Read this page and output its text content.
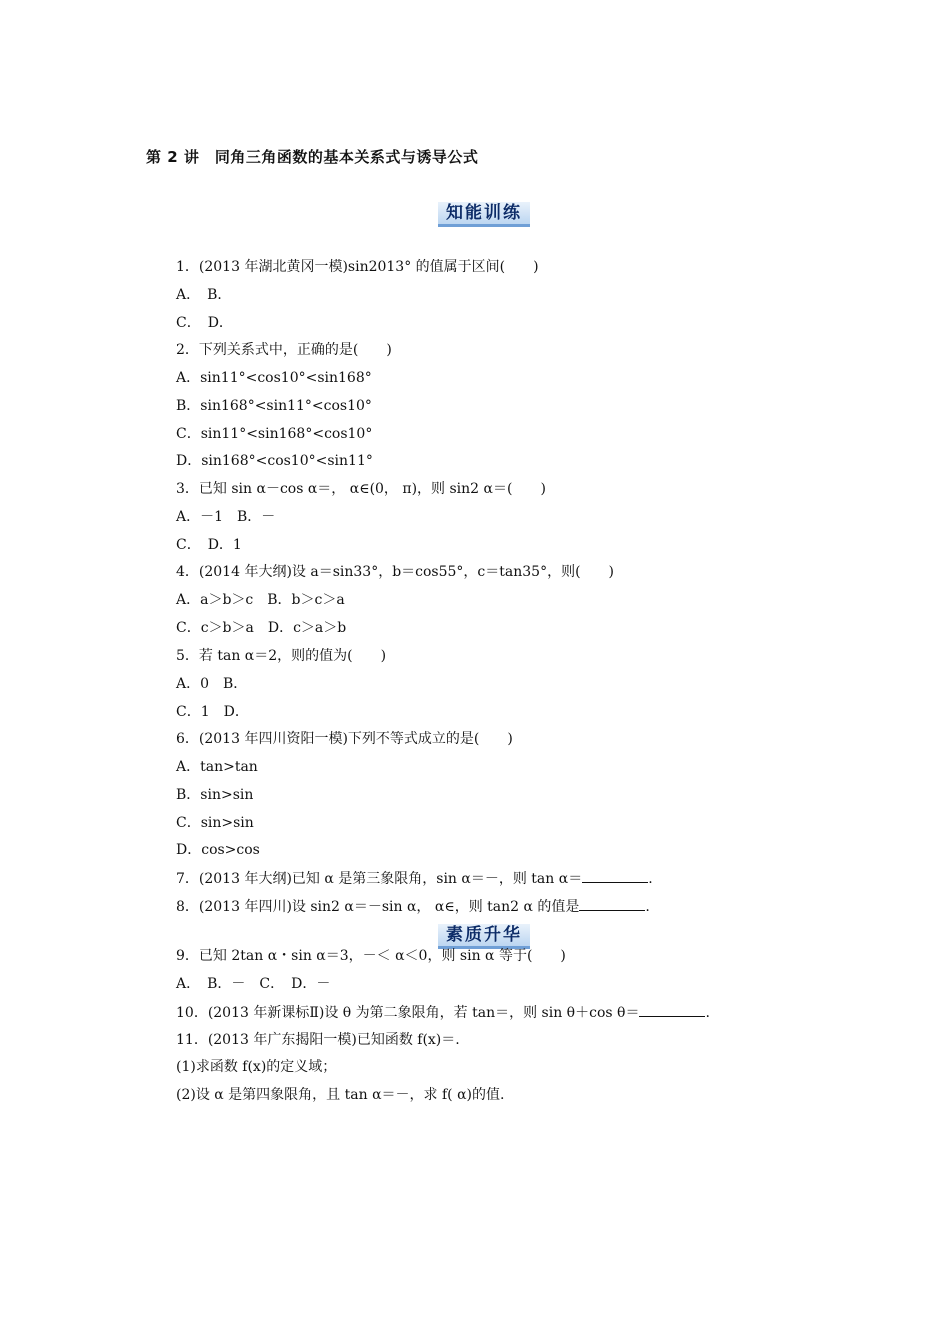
第 2 讲　同角三角函数的基本关系式与诱导公式
知能训练
1．(2013 年湖北黄冈一模)sin2013° 的值属于区间(　　)
A．　B．
C．　D．
2．下列关系式中，正确的是(　　)
A．sin11°<cos10°<sin168°
B．sin168°<sin11°<cos10°
C．sin11°<sin168°<cos10°
D．sin168°<cos10°<sin11°
3．已知 sin α－cos α＝， α∈(0， π)，则 sin2 α＝(　　)
A．－1　B．－
C．　D．1
4．(2014 年大纲)设 a＝sin33°，b＝cos55°，c＝tan35°，则(　　)
A．a＞b＞c　B．b＞c＞a
C．c＞b＞a　D．c＞a＞b
5．若 tan α＝2，则的值为(　　)
A．0　B．
C．1　D．
6．(2013 年四川资阳一模)下列不等式成立的是(　　)
A．tan>tan
B．sin>sin
C．sin>sin
D．cos>cos
7．(2013 年大纲)已知 α 是第三象限角，sin α＝－，则 tan α＝	.
8．(2013 年四川)设 sin2 α＝－sin α， α∈，则 tan2 α 的值是	.
素质升华
9．已知 2tan α・sin α＝3，－＜ α＜0，则 sin α 等于(　　)
A．　B．－　C．　D．－
10．(2013 年新课标Ⅱ)设 θ 为第二象限角，若 tan＝，则 sin θ＋cos θ＝	.
11．(2013 年广东揭阳一模)已知函数 f(x)＝.
(1)求函数 f(x)的定义域；
(2)设 α 是第四象限角，且 tan α＝－，求 f( α)的值.
